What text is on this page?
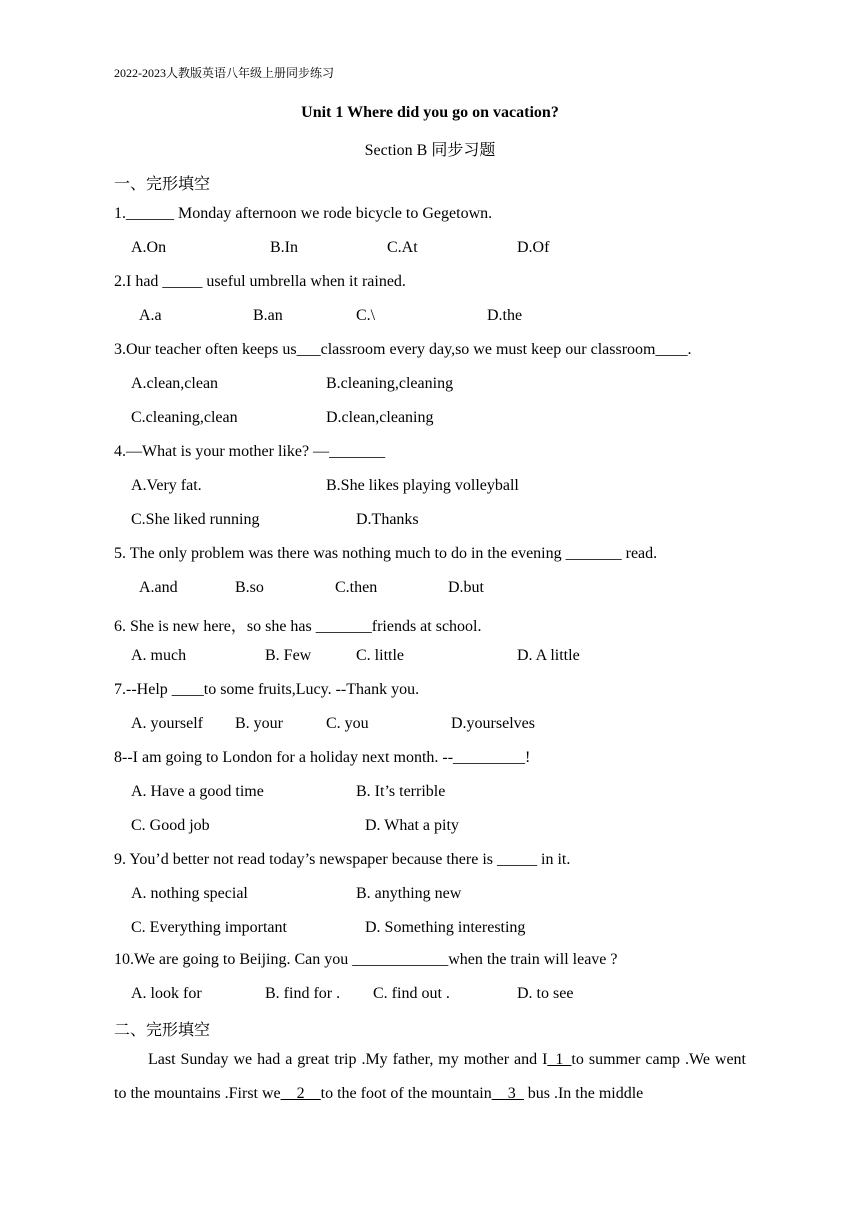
2022-2023人教版英语八年级上册同步练习
Unit 1 Where did you go on vacation?
Section B 同步习题
一、完形填空
1.______ Monday afternoon we rode bicycle to Gegetown.
A.On	B.In	C.At	D.Of
2.I had _____ useful umbrella when it rained.
A.a	B.an	C.\	D.the
3.Our teacher often keeps us___classroom every day,so we must keep our classroom____.
A.clean,clean	B.cleaning,cleaning
C.cleaning,clean	D.clean,cleaning
4.—What is your mother like? —_______
A.Very fat.	B.She likes playing volleyball
C.She liked running	D.Thanks
5. The only problem was there was nothing much to do in the evening _______ read.
A.and	B.so	C.then	D.but
6. She is new here，so she has _______friends at school.
A. much	B. Few	C. little	D. A little
7.--Help ____to some fruits,Lucy. --Thank you.
A. yourself B. your	C. you	D.yourselves
8--I am going to London for a holiday next month. --_________!
A. Have a good time	B. It’s terrible
C. Good job	D. What a pity
9. You’d better not read today’s newspaper because there is _____ in it.
A. nothing special	B. anything new
C. Everything important	D. Something interesting
10.We are going to Beijing. Can you ____________when the train will leave ?
A. look for	B. find for . C. find out .	D. to see
二、完形填空
Last Sunday we had a great trip .My father, my mother and I_1_to summer camp .We went to the mountains .First we__2__to the foot of the mountain__3_ bus .In the middle
